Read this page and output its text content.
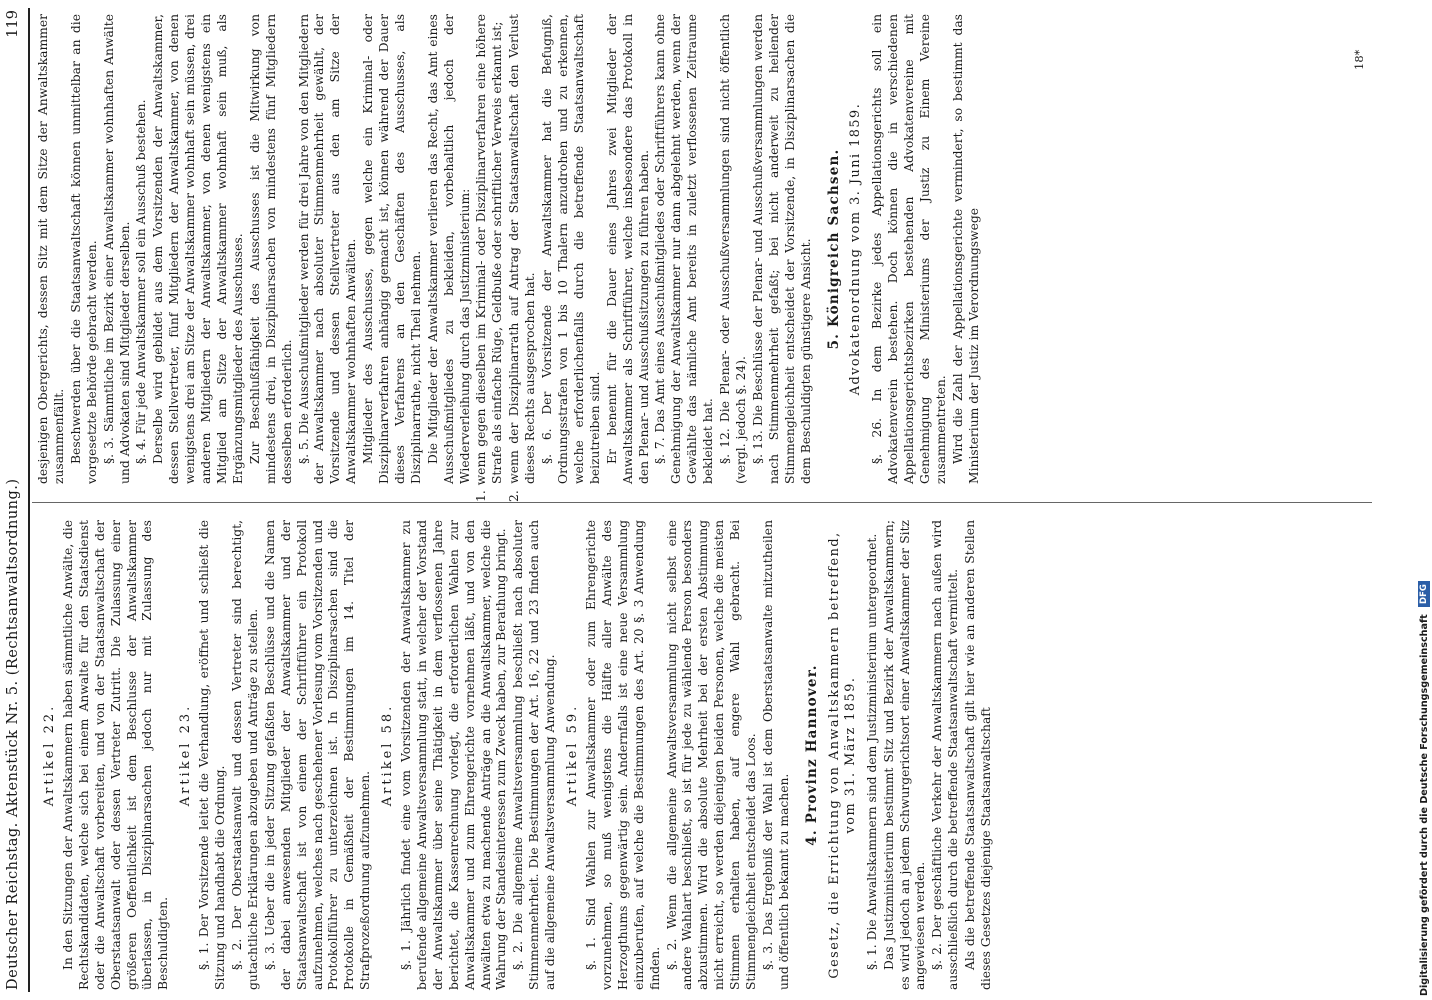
Deutscher Reichstag. Aktenstück Nr. 5. (Rechtsanwaltsordnung.)
119
Artikel 22. In den Sitzungen der Anwaltskammern haben sämmtliche Anwälte, die Rechtskandidaten, welche sich bei einem Anwalte für den Staatsdienst oder die Anwaltschaft vorbereiten, und von der Staatsanwaltschaft der Oberstaatsanwalt oder dessen Vertreter Zutritt. Die Zulassung einer größeren Oeffentlichkeit ist dem Beschlusse der Anwaltskammer überlassen, in Disziplinarsachen jedoch nur mit Zulassung des Beschuldigten.

Artikel 23. §. 1. Der Vorsitzende leitet die Verhandlung, eröffnet und schließt die Sitzung und handhabt die Ordnung. §. 2. Der Oberstaatsanwalt und dessen Vertreter sind berechtigt, gutachtliche Erklärungen abzugeben und Anträge zu stellen. §. 3. Ueber die in jeder Sitzung gefaßten Beschlüsse und die Namen der dabei anwesenden Mitglieder der Anwaltskammer und der Staatsanwaltschaft ist von einem der Schriftführer ein Protokoll aufzunehmen, welches nach geschehener Vorlesung vom Vorsitzenden und Protokollführer zu unterzeichnen ist. In Disziplinarsachen sind die Protokolle in Gemäßheit der Bestimmungen im 14. Titel der Strafprozeßordnung aufzunehmen.

Artikel 58. §. 1. Jährlich findet eine vom Vorsitzenden der Anwaltskammer zu berufende allgemeine Anwaltsversammlung statt, in welcher der Vorstand der Anwaltskammer über seine Thätigkeit in dem verflossenen Jahre berichtet, die Kassenrechnung vorlegt, die erforderlichen Wahlen zur Anwaltskammer und zum Ehrengerichte vornehmen läßt, und von den Anwälten etwa zu machende Anträge an die Anwaltskammer, welche die Wahrung der Standesinteressen zum Zweck haben, zur Berathung bringt. §. 2. Die allgemeine Anwaltsversammlung beschließt nach absoluter Stimmenmehrheit. Die Bestimmungen der Art. 16, 22 und 23 finden auch auf die allgemeine Anwaltsversammlung Anwendung. Artikel 59. §. 1. Sind Wahlen zur Anwaltskammer oder zum Ehrengerichte vorzunehmen, so muß wenigstens die Hälfte aller Anwälte des Herzogthums gegenwärtig sein. Andernfalls ist eine neue Versammlung einzuberufen, auf welche die Bestimmungen des Art. 20 §. 3 Anwendung finden. §. 2. Wenn die allgemeine Anwaltsversammlung nicht selbst eine andere Wahlart beschließt, so ist für jede zu wählende Person besonders abzustimmen. Wird die absolute Mehrheit bei der ersten Abstimmung nicht erreicht, so werden diejenigen beiden Personen, welche die meisten Stimmen erhalten haben, auf engere Wahl gebracht. Bei Stimmengleichheit entscheidet das Loos. §. 3. Das Ergebniß der Wahl ist dem Oberstaatsanwalte mitzutheilen und öffentlich bekannt zu machen.

4. Provinz Hannover. Gesetz, die Errichtung von Anwaltskammern betreffend, vom 31. März 1859. §. 1. Die Anwaltskammern sind dem Justizministerium untergeordnet. Das Justizministerium bestimmt Sitz und Bezirk der Anwaltskammern; es wird jedoch an jedem Schwurgerichtsort einer Anwaltskammer der Sitz angewiesen werden. §. 2. Der geschäftliche Verkehr der Anwaltskammern nach außen wird ausschließlich durch die betreffende Staatsanwaltschaft vermittelt. Als die betreffende Staatsanwaltschaft gilt hier wie an anderen Stellen dieses Gesetzes diejenige Staatsanwaltschaft

desjenigen Obergerichts, dessen Sitz mit dem Sitze der Anwaltskammer zusammenfällt. Beschwerden über die Staatsanwaltschaft können unmittelbar an die vorgesetzte Behörde gebracht werden. §. 3. Sämmtliche im Bezirk einer Anwaltskammer wohnhaften Anwälte und Advokaten sind Mitglieder derselben. §. 4. Für jede Anwaltskammer soll ein Ausschuß bestehen. Derselbe wird gebildet aus dem Vorsitzenden der Anwaltskammer, dessen Stellvertreter, fünf Mitgliedern der Anwaltskammer, von denen wenigstens drei am Sitze der Anwaltskammer wohnhaft sein müssen, drei anderen Mitgliedern der Anwaltskammer, von denen wenigstens ein Mitglied am Sitze der Anwaltskammer wohnhaft sein muß, als Ergänzungsmitglieder des Ausschusses. Zur Beschlußfähigkeit des Ausschusses ist die Mitwirkung von mindestens drei, in Disziplinarsachen von mindestens fünf Mitgliedern desselben erforderlich. §. 5. Die Ausschußmitglieder werden für drei Jahre von den Mitgliedern der Anwaltskammer nach absoluter Stimmenmehrheit gewählt, der Vorsitzende und dessen Stellvertreter aus den am Sitze der Anwaltskammer wohnhaften Anwälten. Mitglieder des Ausschusses, gegen welche ein Kriminal- oder Disziplinarverfahren anhängig gemacht ist, können während der Dauer dieses Verfahrens an den Geschäften des Ausschusses, als Disziplinarrathe, nicht Theil nehmen. Die Mitglieder der Anwaltskammer verlieren das Recht, das Amt eines Ausschußmitgliedes zu bekleiden, vorbehaltlich jedoch der Wiederverleihung durch das Justizministerium: 1. wenn gegen dieselben im Kriminal- oder Disziplinarverfahren eine höhere Strafe als einfache Rüge, Geldbuße oder schriftlicher Verweis erkannt ist; 2. wenn der Disziplinarrath auf Antrag der Staatsanwaltschaft den Verlust dieses Rechts ausgesprochen hat. §. 6. Der Vorsitzende der Anwaltskammer hat die Befugniß, Ordnungsstrafen von 1 bis 10 Thalern anzudrohen und zu erkennen, welche erforderlichenfalls durch die betreffende Staatsanwaltschaft beizutreiben sind. Er benennt für die Dauer eines Jahres zwei Mitglieder der Anwaltskammer als Schriftführer, welche insbesondere das Protokoll in den Plenar- und Ausschußsitzungen zu führen haben. §. 7. Das Amt eines Ausschußmitgliedes oder Schriftführers kann ohne Genehmigung der Anwaltskammer nur dann abgelehnt werden, wenn der Gewählte das nämliche Amt bereits in zuletzt verflossenen Zeitraume bekleidet hat. §. 12. Die Plenar- oder Ausschußversammlungen sind nicht öffentlich (vergl. jedoch §. 24). §. 13. Die Beschlüsse der Plenar- und Ausschußversammlungen werden nach Stimmenmehrheit gefaßt; bei nicht anderweit zu heilender Stimmengleichheit entscheidet der Vorsitzende, in Disziplinarsachen die dem Beschuldigten günstigere Ansicht. 5. Königreich Sachsen. Advokatenordnung vom 3. Juni 1859. §. 26. In dem Bezirke jedes Appellationsgerichts soll ein Advokatenverein bestehen. Doch können die in verschiedenen Appellationsgerichtsbezirken bestehenden Advokatenvereine mit Genehmigung des Ministeriums der Justiz zu Einem Vereine zusammentreten. Wird die Zahl der Appellationsgerichte vermindert, so bestimmt das Ministerium der Justiz im Verordnungswege

18*
Digitalisierung gefördert durch die Deutsche Forschungsgemeinschaft DFG
